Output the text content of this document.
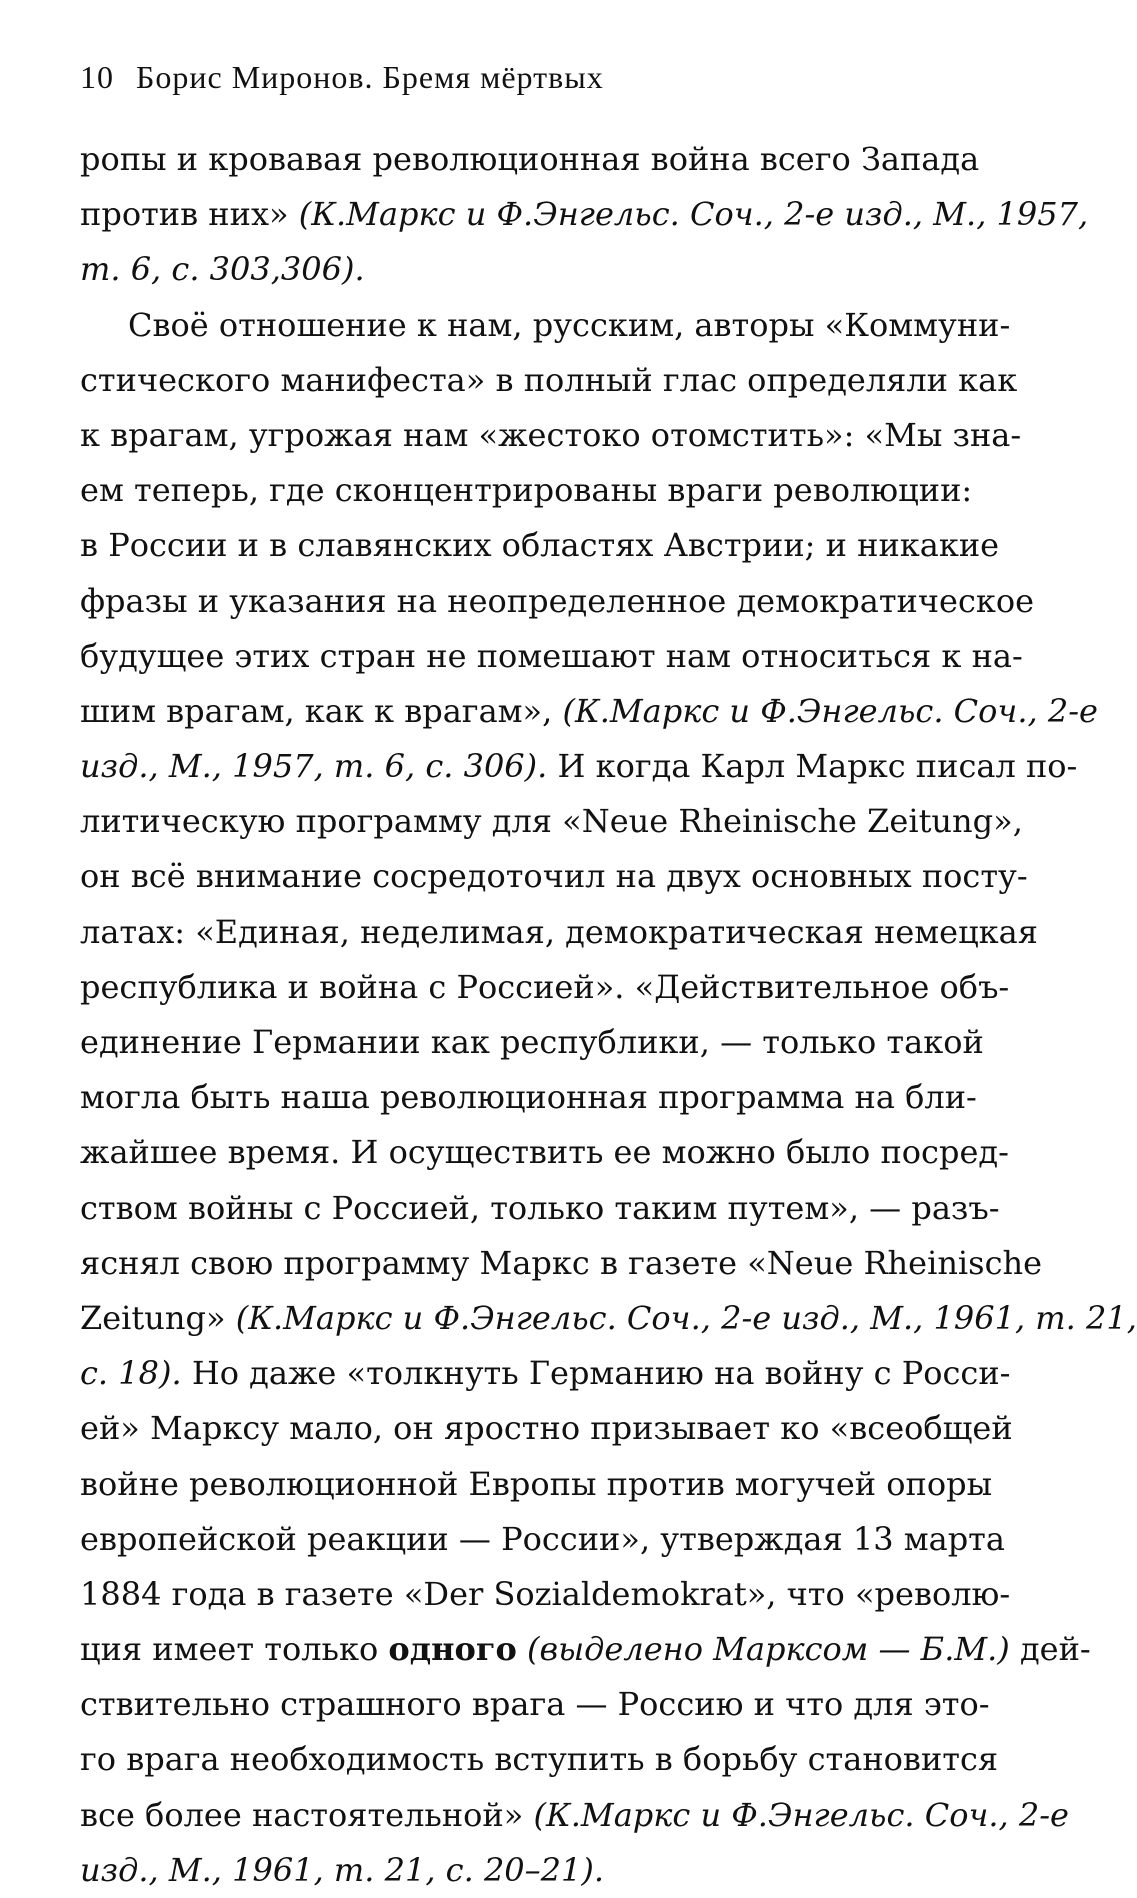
10 Борис Миронов. Бремя мёртвых
ропы и кровавая революционная война всего Запада
против них» (К.Маркс и Ф.Энгельс. Соч., 2-е изд., М., 1957,
т. 6, с. 303,306).
Своё отношение к нам, русским, авторы «Коммуни-
стического манифеста» в полный глас определяли как
к врагам, угрожая нам «жестоко отомстить»: «Мы зна-
ем теперь, где сконцентрированы враги революции:
в России и в славянских областях Австрии; и никакие
фразы и указания на неопределенное демократическое
будущее этих стран не помешают нам относиться к на-
шим врагам, как к врагам», (К.Маркс и Ф.Энгельс. Соч., 2-е
изд., М., 1957, т. 6, с. 306). И когда Карл Маркс писал по-
литическую программу для «Neue Rheinische Zeitung»,
он всё внимание сосредоточил на двух основных посту-
латах: «Единая, неделимая, демократическая немецкая
республика и война с Россией». «Действительное объ-
единение Германии как республики, — только такой
могла быть наша революционная программа на бли-
жайшее время. И осуществить ее можно было посред-
ством войны с Россией, только таким путем», — разъ-
яснял свою программу Маркс в газете «Neue Rheinische
Zeitung» (К.Маркс и Ф.Энгельс. Соч., 2-е изд., М., 1961, т. 21,
с. 18). Но даже «толкнуть Германию на войну с Росси-
ей» Марксу мало, он яростно призывает ко «всеобщей
войне революционной Европы против могучей опоры
европейской реакции — России», утверждая 13 марта
1884 года в газете «Der Sozialdemokrat», что «револю-
ция имеет только одного (выделено Марксом — Б.М.) дей-
ствительно страшного врага — Россию и что для это-
го врага необходимость вступить в борьбу становится
все более настоятельной» (К.Маркс и Ф.Энгельс. Соч., 2-е
изд., М., 1961, т. 21, с. 20–21).
